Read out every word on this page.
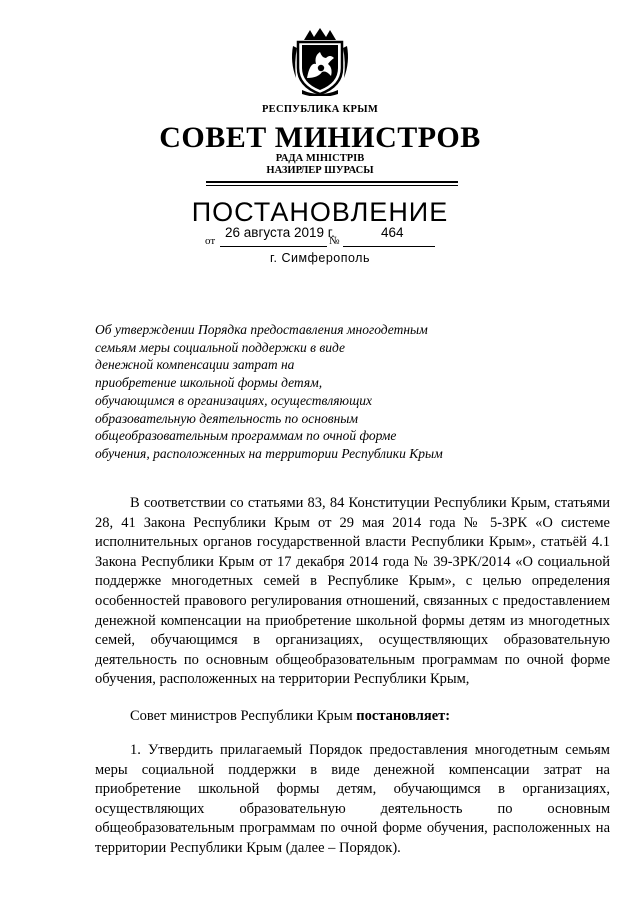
РЕСПУБЛИКА КРЫМ
СОВЕТ МИНИСТРОВ
РАДА МІНІСТРІВ
НАЗИРЛЕР ШУРАСЫ
ПОСТАНОВЛЕНИЕ
от
26 августа 2019 г.
№
464
г. Симферополь
Об утверждении Порядка предоставления многодетным
семьям меры социальной поддержки в виде
денежной компенсации затрат на
приобретение школьной формы детям,
обучающимся в организациях, осуществляющих
образовательную деятельность по основным
общеобразовательным программам по очной форме
обучения, расположенных на территории Республики Крым
В соответствии со статьями 83, 84 Конституции Республики Крым, статьями 28, 41 Закона Республики Крым от 29 мая 2014 года № 5-ЗРК «О системе исполнительных органов государственной власти Республики Крым», статьёй 4.1 Закона Республики Крым от 17 декабря 2014 года № 39-ЗРК/2014 «О социальной поддержке многодетных семей в Республике Крым», с целью определения особенностей правового регулирования отношений, связанных с предоставлением денежной компенсации на приобретение школьной формы детям из многодетных семей, обучающимся в организациях, осуществляющих образовательную деятельность по основным общеобразовательным программам по очной форме обучения, расположенных на территории Республики Крым,
Совет министров Республики Крым постановляет:
1. Утвердить прилагаемый Порядок предоставления многодетным семьям меры социальной поддержки в виде денежной компенсации затрат на приобретение школьной формы детям, обучающимся в организациях, осуществляющих образовательную деятельность по основным общеобразовательным программам по очной форме обучения, расположенных на территории Республики Крым (далее – Порядок).
